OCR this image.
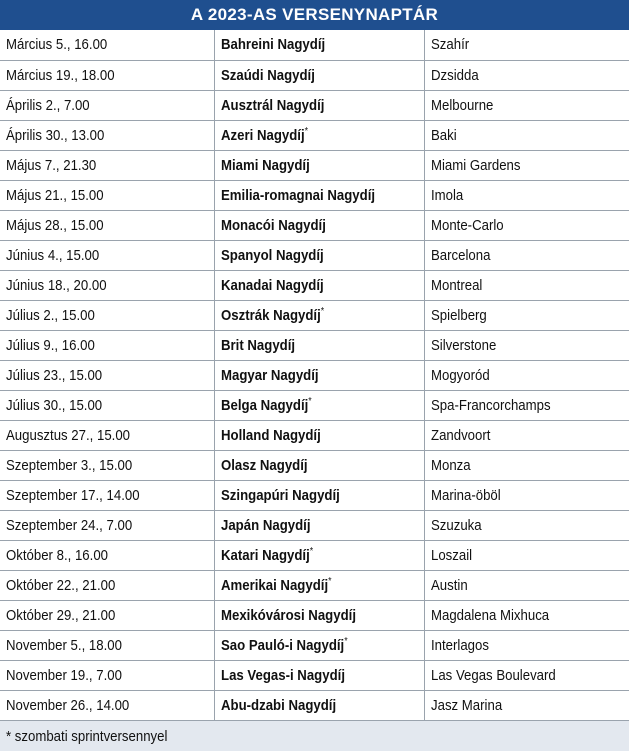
A 2023-AS VERSENYNAPTÁR
Március 5., 16.00	Bahreini Nagydíj	Szahír
Március 19., 18.00	Szaúdi Nagydíj	Dzsidda
Április 2., 7.00	Ausztrál Nagydíj	Melbourne
Április 30., 13.00	Azeri Nagydíj*	Baki
Május 7., 21.30	Miami Nagydíj	Miami Gardens
Május 21., 15.00	Emilia-romagnai Nagydíj	Imola
Május 28., 15.00	Monacói Nagydíj	Monte-Carlo
Június 4., 15.00	Spanyol Nagydíj	Barcelona
Június 18., 20.00	Kanadai Nagydíj	Montreal
Július 2., 15.00	Osztrák Nagydíj*	Spielberg
Július 9., 16.00	Brit Nagydíj	Silverstone
Július 23., 15.00	Magyar Nagydíj	Mogyoród
Július 30., 15.00	Belga Nagydíj*	Spa-Francorchamps
Augusztus 27., 15.00	Holland Nagydíj	Zandvoort
Szeptember 3., 15.00	Olasz Nagydíj	Monza
Szeptember 17., 14.00	Szingapúri Nagydíj	Marina-öböl
Szeptember 24., 7.00	Japán Nagydíj	Szuzuka
Október 8., 16.00	Katari Nagydíj*	Loszail
Október 22., 21.00	Amerikai Nagydíj*	Austin
Október 29., 21.00	Mexikóvárosi Nagydíj	Magdalena Mixhuca
November 5., 18.00	Sao Pauló-i Nagydíj*	Interlagos
November 19., 7.00	Las Vegas-i Nagydíj	Las Vegas Boulevard
November 26., 14.00	Abu-dzabi Nagydíj	Jasz Marina
* szombati sprintversennyel
